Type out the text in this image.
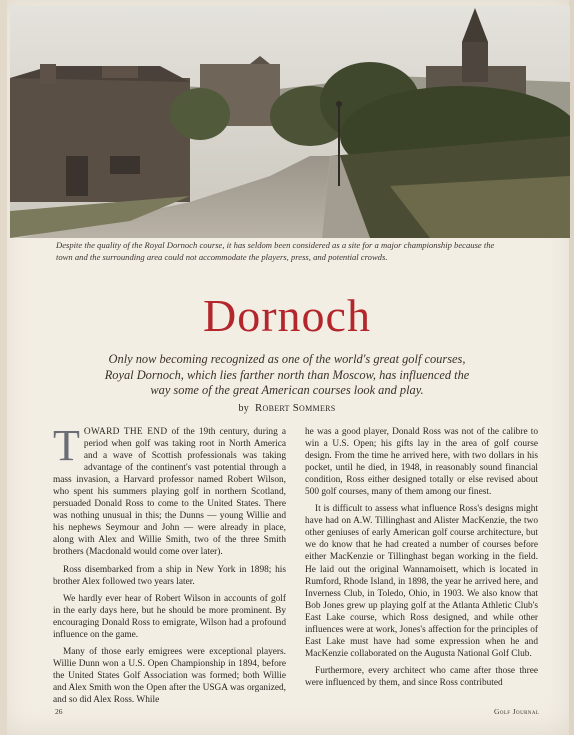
Despite the quality of the Royal Dornoch course, it has seldom been considered as a site for a major championship because the town and the surrounding area could not accommodate the players, press, and potential crowds.
Dornoch
Only now becoming recognized as one of the world's great golf courses, Royal Dornoch, which lies farther north than Moscow, has influenced the way some of the great American courses look and play.
by Robert Sommers

TOWARD THE END of the 19th century, during a period when golf was taking root in North America and a wave of Scottish professionals was taking advantage of the continent's vast potential through a mass invasion, a Harvard professor named Robert Wilson, who spent his summers playing golf in northern Scotland, persuaded Donald Ross to come to the United States. There was nothing unusual in this; the Dunns — young Willie and his nephews Seymour and John — were already in place, along with Alex and Willie Smith, two of the three Smith brothers (Macdonald would come over later).

Ross disembarked from a ship in New York in 1898; his brother Alex followed two years later.

We hardly ever hear of Robert Wilson in accounts of golf in the early days here, but he should be more prominent. By encouraging Donald Ross to emigrate, Wilson had a profound influence on the game.

Many of those early emigrees were exceptional players. Willie Dunn won a U.S. Open Championship in 1894, before the United States Golf Association was formed; both Willie and Alex Smith won the Open after the USGA was organized, and so did Alex Ross. While

he was a good player, Donald Ross was not of the calibre to win a U.S. Open; his gifts lay in the area of golf course design. From the time he arrived here, with two dollars in his pocket, until he died, in 1948, in reasonably sound financial condition, Ross either designed totally or else revised about 500 golf courses, many of them among our finest.

It is difficult to assess what influence Ross's designs might have had on A.W. Tillinghast and Alister MacKenzie, the two other geniuses of early American golf course architecture, but we do know that he had created a number of courses before either MacKenzie or Tillinghast began working in the field. He laid out the original Wannamoisett, which is located in Rumford, Rhode Island, in 1898, the year he arrived here, and Inverness Club, in Toledo, Ohio, in 1903. We also know that Bob Jones grew up playing golf at the Atlanta Athletic Club's East Lake course, which Ross designed, and while other influences were at work, Jones's affection for the principles of East Lake must have had some expression when he and MacKenzie collaborated on the Augusta National Golf Club.

Furthermore, every architect who came after those three were influenced by them, and since Ross contributed

26	Golf Journal
